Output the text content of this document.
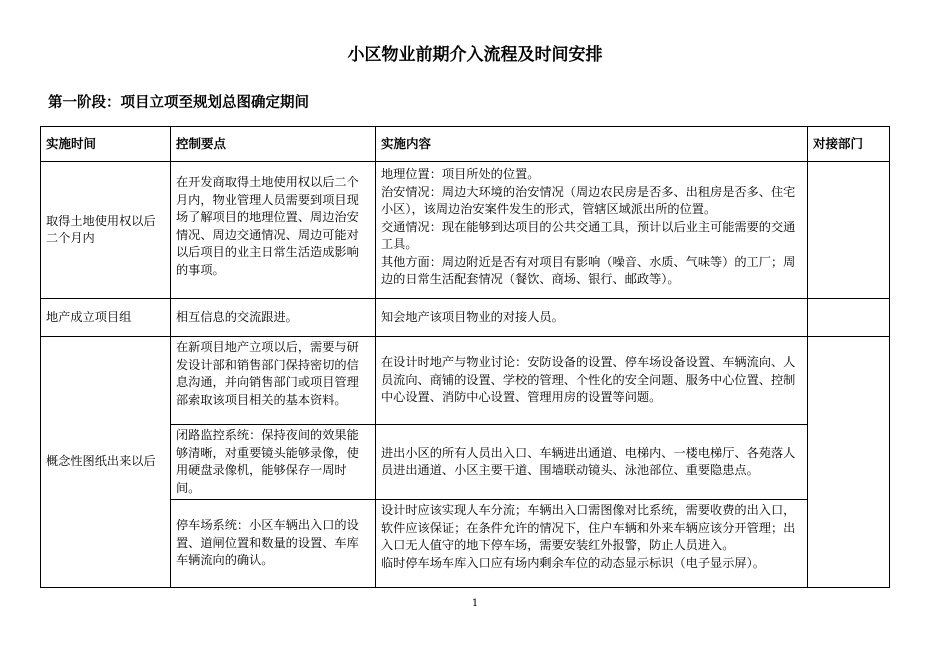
小区物业前期介入流程及时间安排
第一阶段：项目立项至规划总图确定期间
实施时间	控制要点	实施内容	对接部门
取得土地使用权以后二个月内	在开发商取得土地使用权以后二个月内，物业管理人员需要到项目现场了解项目的地理位置、周边治安情况、周边交通情况、周边可能对以后项目的业主日常生活造成影响的事项。	地理位置：项目所处的位置。
治安情况：周边大环境的治安情况（周边农民房是否多、出租房是否多、住宅小区），该周边治安案件发生的形式，管辖区域派出所的位置。
交通情况：现在能够到达项目的公共交通工具，预计以后业主可能需要的交通工具。
其他方面：周边附近是否有对项目有影响（噪音、水质、气味等）的工厂；周边的日常生活配套情况（餐饮、商场、银行、邮政等）。	

地产成立项目组	相互信息的交流跟进。	知会地产该项目物业的对接人员。	
概念性图纸出来以后	在新项目地产立项以后，需要与研发设计部和销售部门保持密切的信息沟通，并向销售部门或项目管理部索取该项目相关的基本资料。	在设计时地产与物业讨论：安防设备的设置、停车场设备设置、车辆流向、人员流向、商铺的设置、学校的管理、个性化的安全问题、服务中心位置、控制中心设置、消防中心设置、管理用房的设置等问题。	
	闭路监控系统：保持夜间的效果能够清晰，对重要镜头能够录像，使用硬盘录像机，能够保存一周时间。	进出小区的所有人员出入口、车辆进出通道、电梯内、一楼电梯厅、各苑落人员进出通道、小区主要干道、围墙联动镜头、泳池部位、重要隐患点。	
	停车场系统：小区车辆出入口的设置、道闸位置和数量的设置、车库车辆流向的确认。	设计时应该实现人车分流；车辆出入口需图像对比系统，需要收费的出入口，软件应该保证；在条件允许的情况下，住户车辆和外来车辆应该分开管理；出入口无人值守的地下停车场，需要安装红外报警，防止人员进入。
临时停车场车库入口应有场内剩余车位的动态显示标识（电子显示屏）。	
1
